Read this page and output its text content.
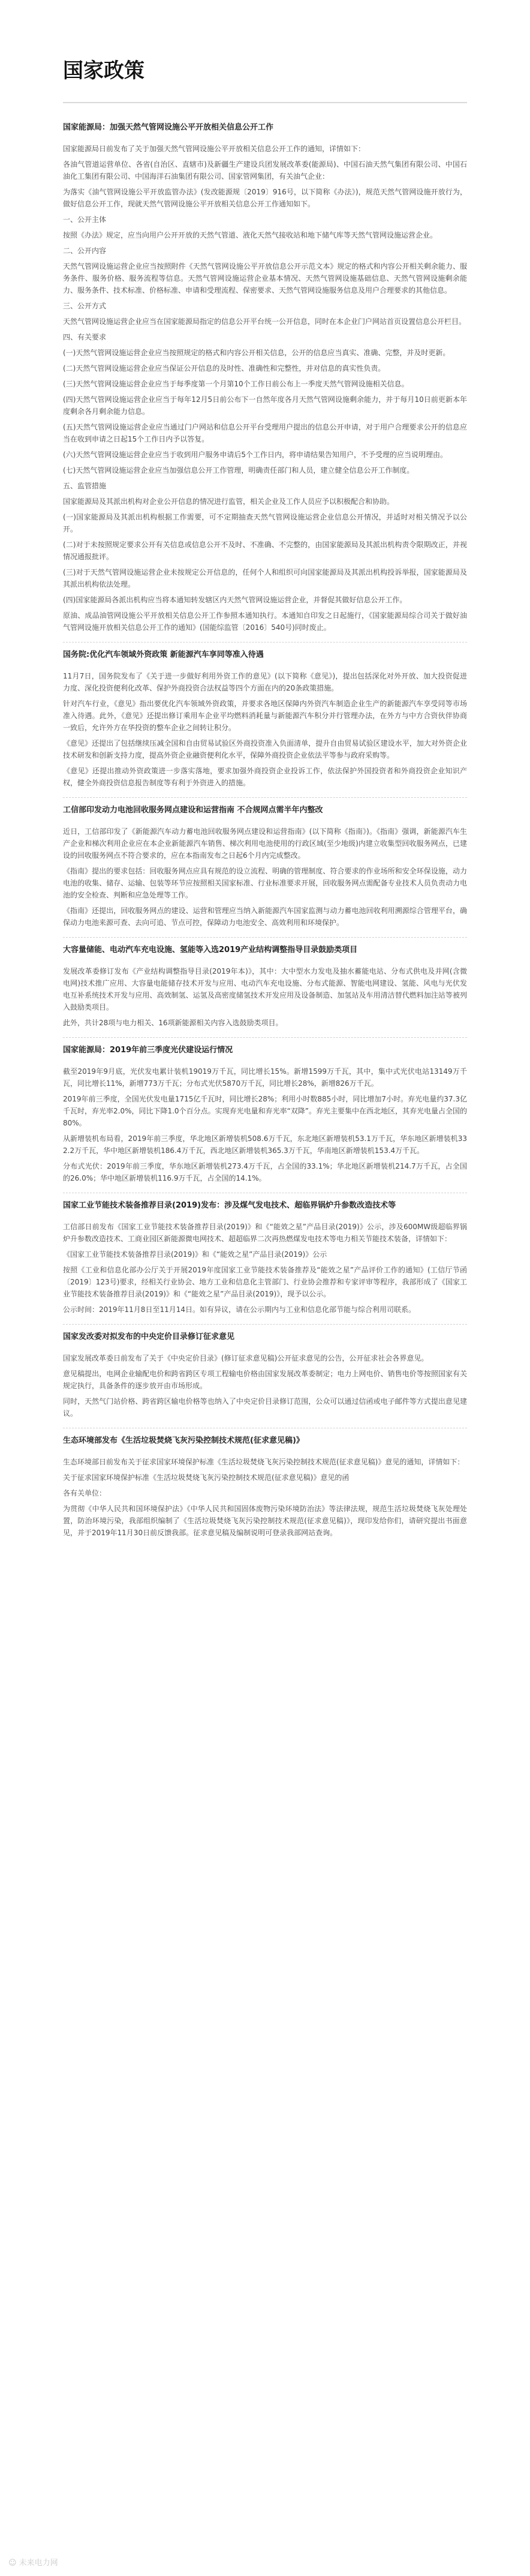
国家政策
国家能源局：加强天然气管网设施公平开放相关信息公开工作

国家能源局日前发布了关于加强天然气管网设施公平开放相关信息公开工作的通知，详情如下：

各油气管道运营单位、各省(自治区、直辖市)及新疆生产建设兵团发展改革委(能源局)、中国石油天然气集团有限公司、中国石油化工集团有限公司、中国海洋石油集团有限公司、国家管网集团，有关油气企业：

为落实《油气管网设施公平开放监管办法》(发改能源规〔2019〕916号，以下简称《办法》)，规范天然气管网设施开放行为，做好信息公开工作，现就天然气管网设施公平开放相关信息公开工作通知如下。

一、公开主体

按照《办法》规定，应当向用户公开开放的天然气管道、液化天然气接收站和地下储气库等天然气管网设施运营企业。

二、公开内容

天然气管网设施运营企业应当按照附件《天然气管网设施公平开放信息公开示范文本》规定的格式和内容公开相关剩余能力、服务条件、服务价格、服务流程等信息。天然气管网设施运营企业基本情况、天然气管网设施基础信息、天然气管网设施剩余能力、服务条件、技术标准、价格标准、申请和受理流程、保密要求、天然气管网设施服务信息及用户合理要求的其他信息。

三、公开方式

天然气管网设施运营企业应当在国家能源局指定的信息公开平台统一公开信息，同时在本企业门户网站首页设置信息公开栏目。

四、有关要求

(一)天然气管网设施运营企业应当按照规定的格式和内容公开相关信息，公开的信息应当真实、准确、完整，并及时更新。

(二)天然气管网设施运营企业应当保证公开信息的及时性、准确性和完整性，并对信息的真实性负责。

(三)天然气管网设施运营企业应当于每季度第一个月第10个工作日前公布上一季度天然气管网设施相关信息。

(四)天然气管网设施运营企业应当于每年12月5日前公布下一自然年度各月天然气管网设施剩余能力，并于每月10日前更新本年度剩余各月剩余能力信息。

(五)天然气管网设施运营企业应当通过门户网站和信息公开平台受理用户提出的信息公开申请，对于用户合理要求公开的信息应当在收到申请之日起15个工作日内予以答复。

(六)天然气管网设施运营企业应当于收到用户服务申请后5个工作日内，将申请结果告知用户，不予受理的应当说明理由。

(七)天然气管网设施运营企业应当加强信息公开工作管理，明确责任部门和人员，建立健全信息公开工作制度。

五、监管措施

国家能源局及其派出机构对企业公开信息的情况进行监管，相关企业及工作人员应予以积极配合和协助。

(一)国家能源局及其派出机构根据工作需要，可不定期抽查天然气管网设施运营企业信息公开情况，并适时对相关情况予以公开。

(二)对于未按照规定要求公开有关信息或信息公开不及时、不准确、不完整的，由国家能源局及其派出机构责令限期改正，并视情况通报批评。

(三)对于天然气管网设施运营企业未按规定公开信息的，任何个人和组织可向国家能源局及其派出机构投诉举报，国家能源局及其派出机构依法处理。

(四)国家能源局各派出机构应当将本通知转发辖区内天然气管网设施运营企业，并督促其做好信息公开工作。

原油、成品油管网设施公平开放相关信息公开工作参照本通知执行。本通知自印发之日起施行，《国家能源局综合司关于做好油气管网设施开放相关信息公开工作的通知》(国能综监管〔2016〕540号)同时废止。

国务院:优化汽车领域外资政策 新能源汽车享同等准入待遇

11月7日，国务院发布了《关于进一步做好利用外资工作的意见》(以下简称《意见》)，提出包括深化对外开放、加大投资促进力度、深化投资便利化改革、保护外商投资合法权益等四个方面在内的20条政策措施。

针对汽车行业，《意见》指出要优化汽车领域外资政策，并要求各地区保障内外资汽车制造企业生产的新能源汽车享受同等市场准入待遇。此外，《意见》还提出修订乘用车企业平均燃料消耗量与新能源汽车积分并行管理办法，在外方与中方合资伙伴协商一致后，允许外方在华投资的整车企业之间转让积分。

《意见》还提出了包括继续压减全国和自由贸易试验区外商投资准入负面清单，提升自由贸易试验区建设水平，加大对外资企业技术研发和创新支持力度，提高外资企业融资便利化水平，保障外商投资企业依法平等参与政府采购等。

《意见》还提出推动外资政策进一步落实落地，要求加强外商投资企业投诉工作，依法保护外国投资者和外商投资企业知识产权，健全外商投资信息报告制度等有利于外资进入的措施。

工信部印发动力电池回收服务网点建设和运营指南 不合规网点需半年内整改

近日，工信部印发了《新能源汽车动力蓄电池回收服务网点建设和运营指南》(以下简称《指南》)。《指南》强调，新能源汽车生产企业和梯次利用企业应在本企业新能源汽车销售、梯次利用电池使用的行政区域(至少地级)内建立收集型回收服务网点，已建设的回收服务网点不符合要求的，应在本指南发布之日起6个月内完成整改。

《指南》提出的要求包括：回收服务网点应具有规范的设立流程、明确的管理制度、符合要求的作业场所和安全环保设施，动力电池的收集、储存、运输、包装等环节应按照相关国家标准、行业标准要求开展，回收服务网点需配备专业技术人员负责动力电池的安全检查、判断和应急处理等工作。

《指南》还提出，回收服务网点的建设、运营和管理应当纳入新能源汽车国家监测与动力蓄电池回收利用溯源综合管理平台，确保动力电池来源可查、去向可追、节点可控，保障动力电池安全、高效利用和环境保护。

大容量储能、电动汽车充电设施、氢能等入选2019产业结构调整指导目录鼓励类项目

发展改革委修订发布《产业结构调整指导目录(2019年本)》，其中：大中型水力发电及抽水蓄能电站、分布式供电及并网(含微电网)技术推广应用、大容量电能储存技术开发与应用、电动汽车充电设施、分布式能源、智能电网建设、氢能、风电与光伏发电互补系统技术开发与应用、高效制氢、运氢及高密度储氢技术开发应用及设备制造、加氢站及车用清洁替代燃料加注站等被列入鼓励类项目。

此外，共计28项与电力相关、16项新能源相关内容入选鼓励类项目。

国家能源局：2019年前三季度光伏建设运行情况

截至2019年9月底，光伏发电累计装机19019万千瓦，同比增长15%。新增1599万千瓦，其中，集中式光伏电站13149万千瓦，同比增长11%，新增773万千瓦；分布式光伏5870万千瓦，同比增长28%，新增826万千瓦。

2019年前三季度，全国光伏发电量1715亿千瓦时，同比增长28%；利用小时数885小时，同比增加7小时。弃光电量约37.3亿千瓦时，弃光率2.0%，同比下降1.0个百分点。实现弃光电量和弃光率“双降”。弃光主要集中在西北地区，其弃光电量占全国的80%。

从新增装机布局看，2019年前三季度，华北地区新增装机508.6万千瓦，东北地区新增装机53.1万千瓦，华东地区新增装机332.2万千瓦，华中地区新增装机186.4万千瓦，西北地区新增装机365.3万千瓦，华南地区新增装机153.4万千瓦。

分布式光伏：2019年前三季度，华东地区新增装机273.4万千瓦，占全国的33.1%；华北地区新增装机214.7万千瓦，占全国的26.0%；华中地区新增装机116.9万千瓦，占全国的14.1%。

国家工业节能技术装备推荐目录(2019)发布：涉及煤气发电技术、超临界锅炉升参数改造技术等

工信部日前发布《国家工业节能技术装备推荐目录(2019)》和《“能效之星”产品目录(2019)》公示，涉及600MW级超临界锅炉升参数改造技术、工商业园区新能源微电网技术、超超临界二次再热燃煤发电技术等电力相关节能技术装备，详情如下：

《国家工业节能技术装备推荐目录(2019)》和《“能效之星”产品目录(2019)》公示

按照《工业和信息化部办公厅关于开展2019年度国家工业节能技术装备推荐及“能效之星”产品评价工作的通知》(工信厅节函〔2019〕123号)要求，经相关行业协会、地方工业和信息化主管部门、行业协会推荐和专家评审等程序，我部形成了《国家工业节能技术装备推荐目录(2019)》和《“能效之星”产品目录(2019)》，现予以公示。

公示时间：2019年11月8日至11月14日。如有异议，请在公示期内与工业和信息化部节能与综合利用司联系。

国家发改委对拟发布的中央定价目录修订征求意见

国家发展改革委日前发布了关于《中央定价目录》(修订征求意见稿)公开征求意见的公告，公开征求社会各界意见。

意见稿提出，电网企业输配电价和跨省跨区专项工程输电价格由国家发展改革委制定；电力上网电价、销售电价等按照国家有关规定执行，具备条件的逐步放开由市场形成。

同时，天然气门站价格、跨省跨区输电价格等也纳入了中央定价目录修订范围，公众可以通过信函或电子邮件等方式提出意见建议。

生态环境部发布《生活垃圾焚烧飞灰污染控制技术规范(征求意见稿)》

生态环境部日前发布关于征求国家环境保护标准《生活垃圾焚烧飞灰污染控制技术规范(征求意见稿)》意见的通知，详情如下：

关于征求国家环境保护标准《生活垃圾焚烧飞灰污染控制技术规范(征求意见稿)》意见的函

各有关单位：

为贯彻《中华人民共和国环境保护法》《中华人民共和国固体废物污染环境防治法》等法律法规，规范生活垃圾焚烧飞灰处理处置，防治环境污染，我部组织编制了《生活垃圾焚烧飞灰污染控制技术规范(征求意见稿)》，现印发给你们，请研究提出书面意见，并于2019年11月30日前反馈我部。征求意见稿及编制说明可登录我部网站查询。

☺ 未来电力网
